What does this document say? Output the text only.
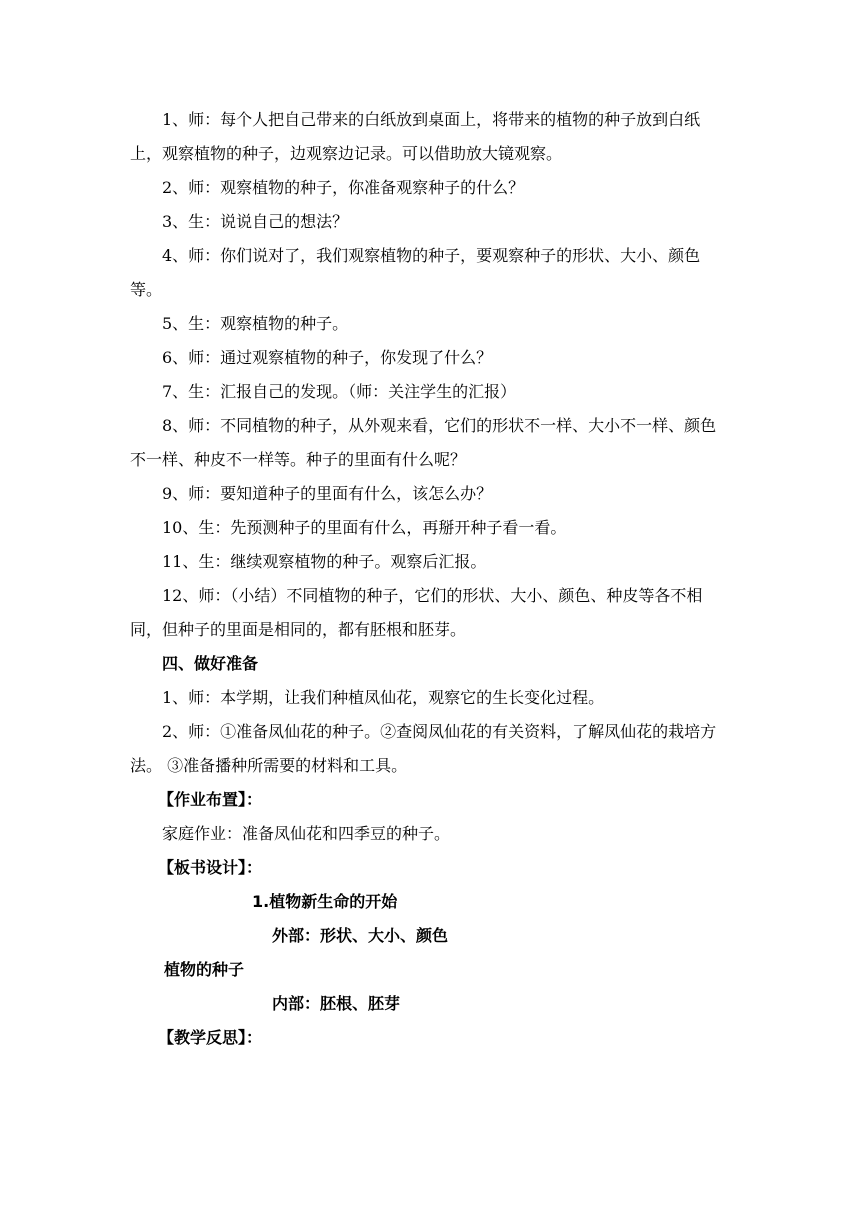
1、师：每个人把自己带来的白纸放到桌面上，将带来的植物的种子放到白纸上，观察植物的种子，边观察边记录。可以借助放大镜观察。
2、师：观察植物的种子，你准备观察种子的什么？
3、生：说说自己的想法？
4、师：你们说对了，我们观察植物的种子，要观察种子的形状、大小、颜色等。
5、生：观察植物的种子。
6、师：通过观察植物的种子，你发现了什么？
7、生：汇报自己的发现。（师：关注学生的汇报）
8、师：不同植物的种子，从外观来看，它们的形状不一样、大小不一样、颜色不一样、种皮不一样等。种子的里面有什么呢？
9、师：要知道种子的里面有什么，该怎么办？
10、生：先预测种子的里面有什么，再掰开种子看一看。
11、生：继续观察植物的种子。观察后汇报。
12、师：（小结）不同植物的种子，它们的形状、大小、颜色、种皮等各不相同，但种子的里面是相同的，都有胚根和胚芽。
四、做好准备
1、师：本学期，让我们种植凤仙花，观察它的生长变化过程。
2、师：①准备凤仙花的种子。②查阅凤仙花的有关资料，了解凤仙花的栽培方法。 ③准备播种所需要的材料和工具。
【作业布置】：
家庭作业：准备凤仙花和四季豆的种子。
【板书设计】：
1.植物新生命的开始
外部：形状、大小、颜色
植物的种子
内部：胚根、胚芽
【教学反思】：
